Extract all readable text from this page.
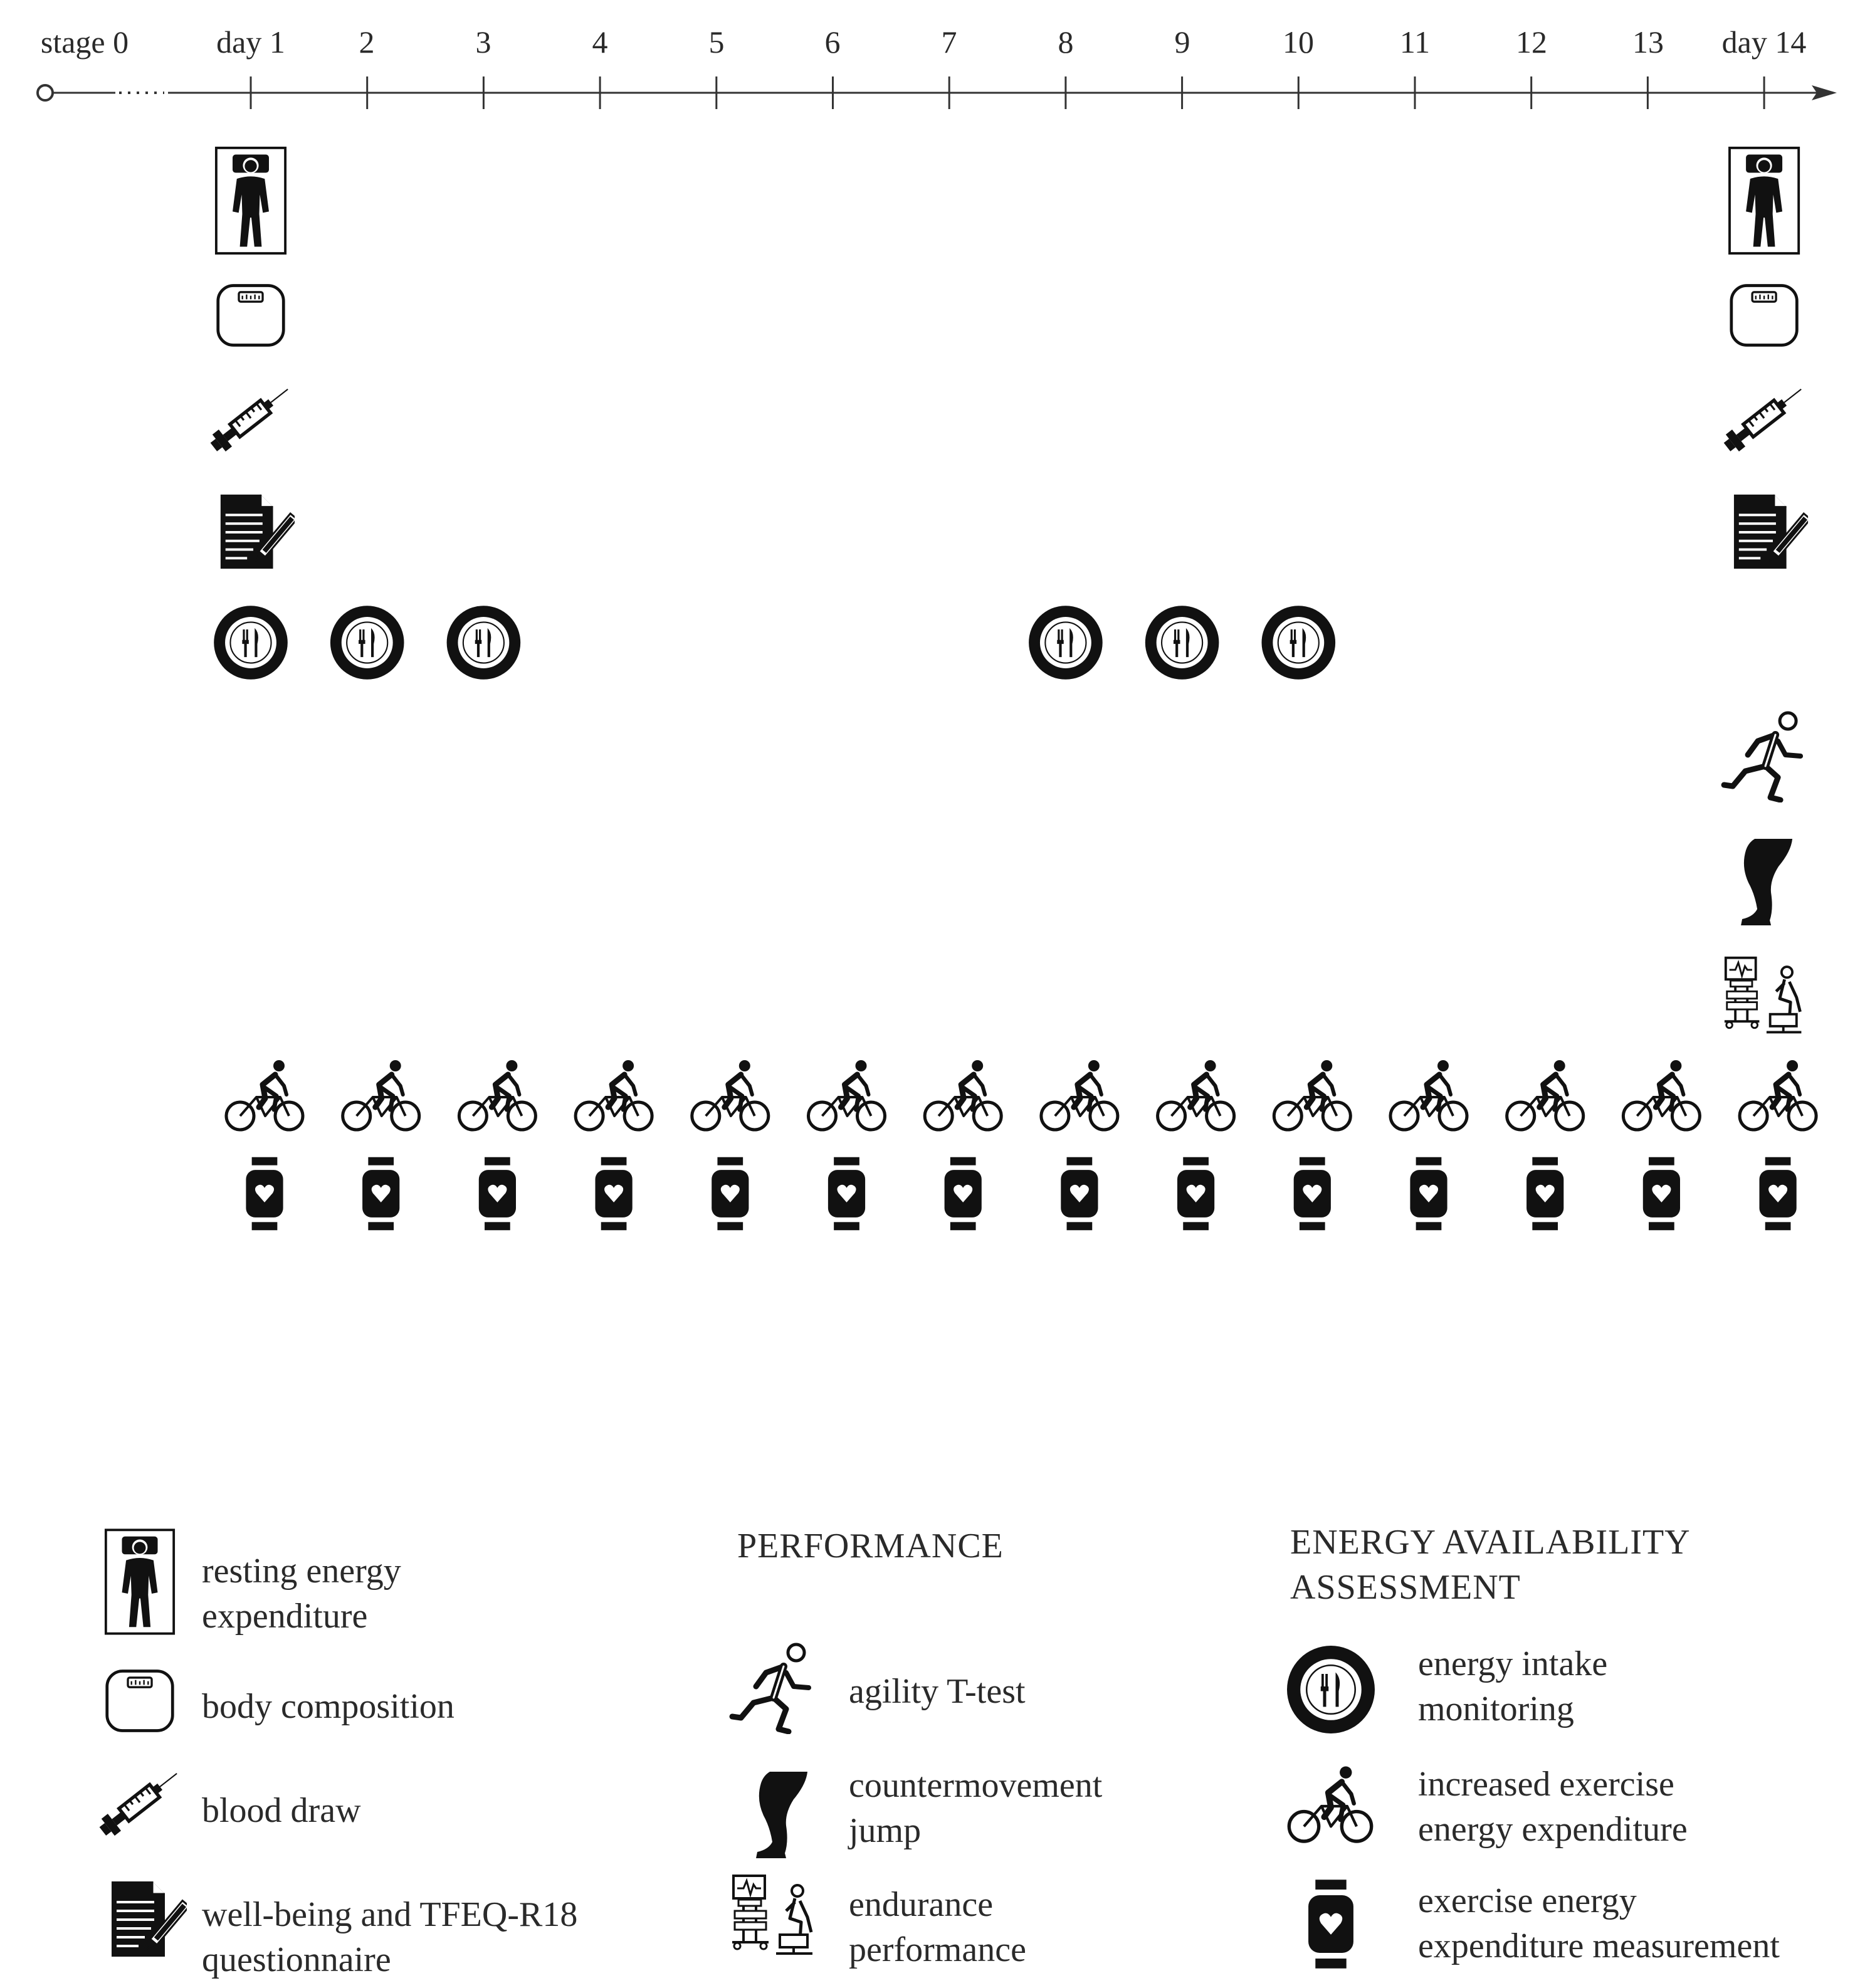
stage 0	day 1 2	3	4	5	6	7	8	9	10	11	12	13 day 14
resting energy
expenditure
body composition
blood draw
well-being and TFEQ-R18
questionnaire
PERFORMANCE
agility T-test
countermovement
jump
endurance
performance
ENERGY AVAILABILITY
ASSESSMENT
energy intake
monitoring
increased exercise
energy expenditure
exercise energy
expenditure measurement
